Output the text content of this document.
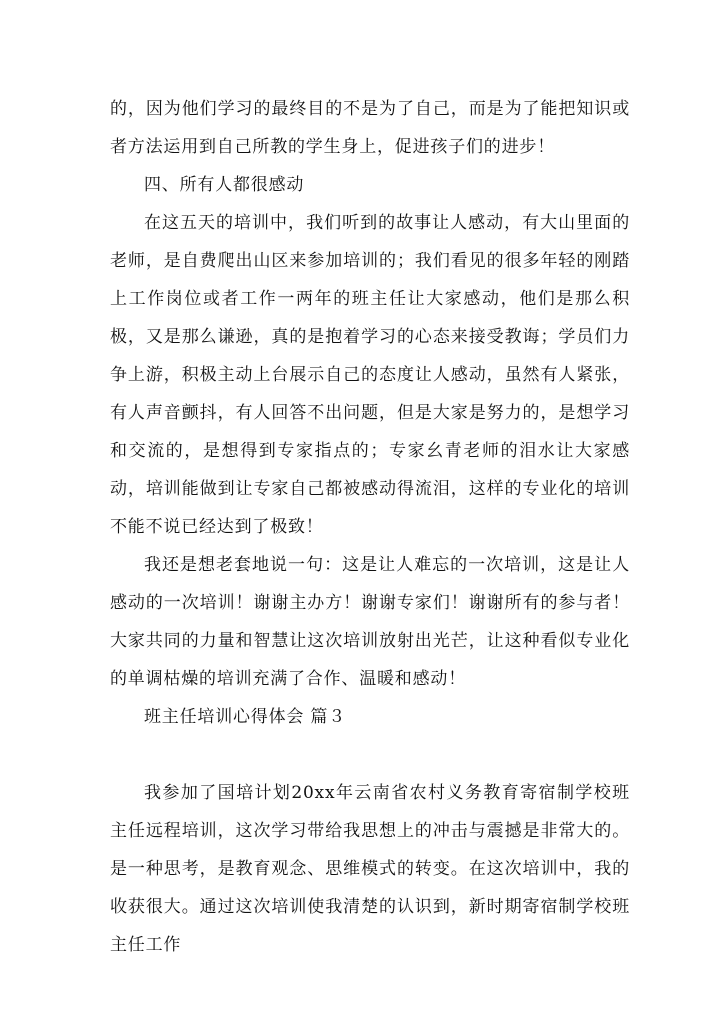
的，因为他们学习的最终目的不是为了自己，而是为了能把知识或者方法运用到自己所教的学生身上，促进孩子们的进步！

四、所有人都很感动

在这五天的培训中，我们听到的故事让人感动，有大山里面的老师，是自费爬出山区来参加培训的；我们看见的很多年轻的刚踏上工作岗位或者工作一两年的班主任让大家感动，他们是那么积极，又是那么谦逊，真的是抱着学习的心态来接受教诲；学员们力争上游，积极主动上台展示自己的态度让人感动，虽然有人紧张，有人声音颤抖，有人回答不出问题，但是大家是努力的，是想学习和交流的，是想得到专家指点的；专家幺青老师的泪水让大家感动，培训能做到让专家自己都被感动得流泪，这样的专业化的培训不能不说已经达到了极致！

我还是想老套地说一句：这是让人难忘的一次培训，这是让人感动的一次培训！谢谢主办方！谢谢专家们！谢谢所有的参与者！大家共同的力量和智慧让这次培训放射出光芒，让这种看似专业化的单调枯燥的培训充满了合作、温暖和感动！

班主任培训心得体会 篇３

我参加了国培计划20xx年云南省农村义务教育寄宿制学校班主任远程培训，这次学习带给我思想上的冲击与震撼是非常大的。是一种思考，是教育观念、思维模式的转变。在这次培训中，我的收获很大。通过这次培训使我清楚的认识到，新时期寄宿制学校班主任工作
